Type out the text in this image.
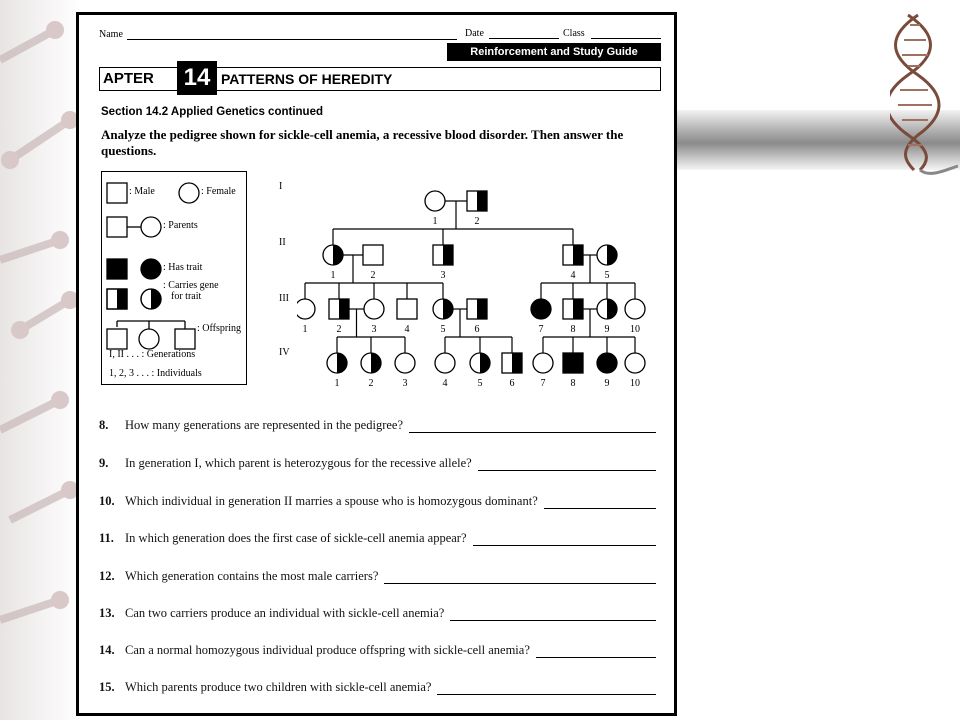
Name	Date	Class
Reinforcement and Study Guide
APTER 14 PATTERNS OF HEREDITY
Section 14.2 Applied Genetics continued
Analyze the pedigree shown for sickle-cell anemia, a recessive blood disorder. Then answer the questions.
: Male	: Female
: Parents
: Has trait
: Carries gene
for trait
: Offspring
I, II . . . : Generations
1, 2, 3 . . . : Individuals
I
II
III
IV
1	2
1	2	3	4	5
1	2	3	4	5	6	7	8	9 10
1	2	3	4	5	6	7	8	9 10
8. How many generations are represented in the pedigree?
9. In generation I, which parent is heterozygous for the recessive allele?
10. Which individual in generation II marries a spouse who is homozygous dominant?
11. In which generation does the first case of sickle-cell anemia appear?
12. Which generation contains the most male carriers?
13. Can two carriers produce an individual with sickle-cell anemia?
14. Can a normal homozygous individual produce offspring with sickle-cell anemia?
15. Which parents produce two children with sickle-cell anemia?
